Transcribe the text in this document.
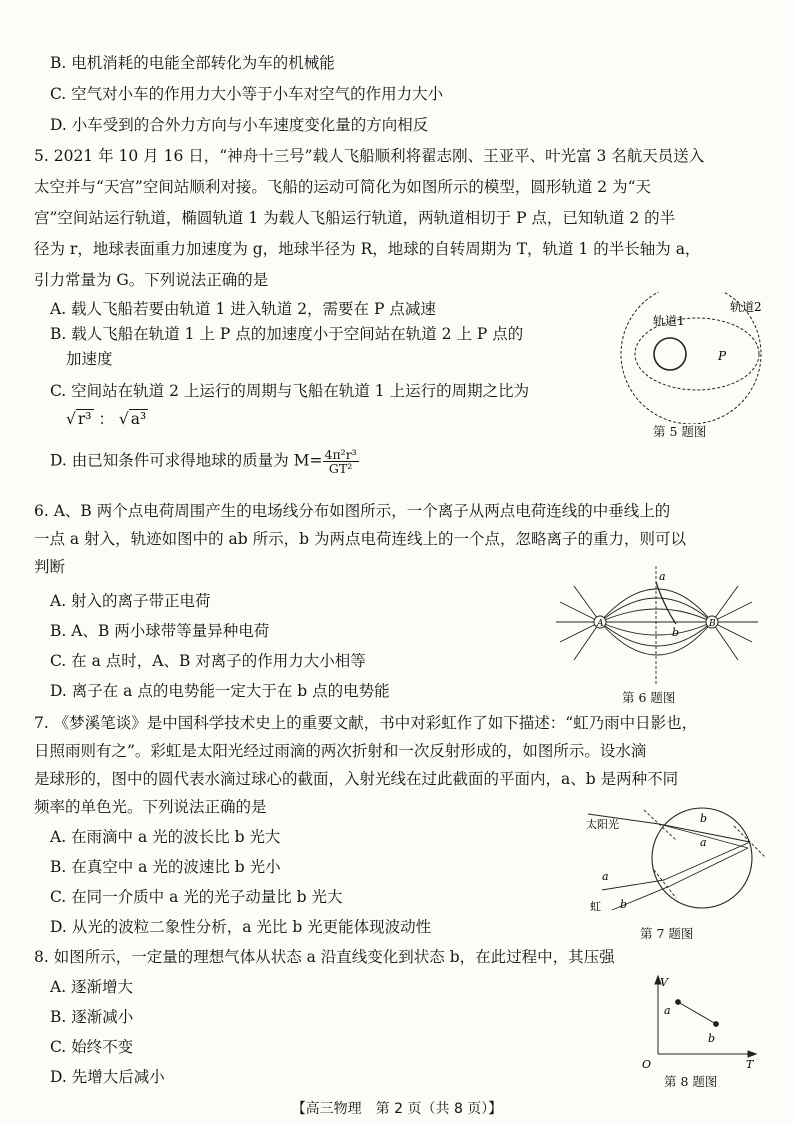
B. 电机消耗的电能全部转化为车的机械能
C. 空气对小车的作用力大小等于小车对空气的作用力大小
D. 小车受到的合外力方向与小车速度变化量的方向相反
5. 2021 年 10 月 16 日，“神舟十三号”载人飞船顺利将翟志刚、王亚平、叶光富 3 名航天员送入
太空并与“天宫”空间站顺利对接。飞船的运动可简化为如图所示的模型，圆形轨道 2 为“天
宫”空间站运行轨道，椭圆轨道 1 为载人飞船运行轨道，两轨道相切于 P 点，已知轨道 2 的半
径为 r，地球表面重力加速度为 g，地球半径为 R，地球的自转周期为 T，轨道 1 的半长轴为 a，
引力常量为 G。下列说法正确的是
A. 载人飞船若要由轨道 1 进入轨道 2，需要在 P 点减速
B. 载人飞船在轨道 1 上 P 点的加速度小于空间站在轨道 2 上 P 点的
加速度
C. 空间站在轨道 2 上运行的周期与飞船在轨道 1 上运行的周期之比为
√ r³ ： √ a³
D. 由已知条件可求得地球的质量为 $M= \frac{\text{4π²r³}}{\text{GT²}}$
轨道1
轨道2
P
第 5 题图
6. A、B 两个点电荷周围产生的电场线分布如图所示，一个离子从两点电荷连线的中垂线上的
一点 a 射入，轨迹如图中的 ab 所示，b 为两点电荷连线上的一个点，忽略离子的重力，则可以
判断
A. 射入的离子带正电荷
B. A、B 两小球带等量异种电荷
C. 在 a 点时，A、B 对离子的作用力大小相等
D. 离子在 a 点的电势能一定大于在 b 点的电势能
A	B
a
b
第 6 题图
7. 《梦溪笔谈》是中国科学技术史上的重要文献，书中对彩虹作了如下描述：“虹乃雨中日影也，
日照雨则有之”。彩虹是太阳光经过雨滴的两次折射和一次反射形成的，如图所示。设水滴
是球形的，图中的圆代表水滴过球心的截面，入射光线在过此截面的平面内，a、b 是两种不同
频率的单色光。下列说法正确的是
A. 在雨滴中 a 光的波长比 b 光大
B. 在真空中 a 光的波速比 b 光小
C. 在同一介质中 a 光的光子动量比 b 光大
D. 从光的波粒二象性分析，a 光比 b 光更能体现波动性
太阳光
虹
a
b
b
a
第 7 题图
8. 如图所示，一定量的理想气体从状态 a 沿直线变化到状态 b，在此过程中，其压强
A. 逐渐增大
B. 逐渐减小
C. 始终不变
D. 先增大后减小
V
T
O
a
b
第 8 题图
【高三物理　第 2 页（共 8 页）】
